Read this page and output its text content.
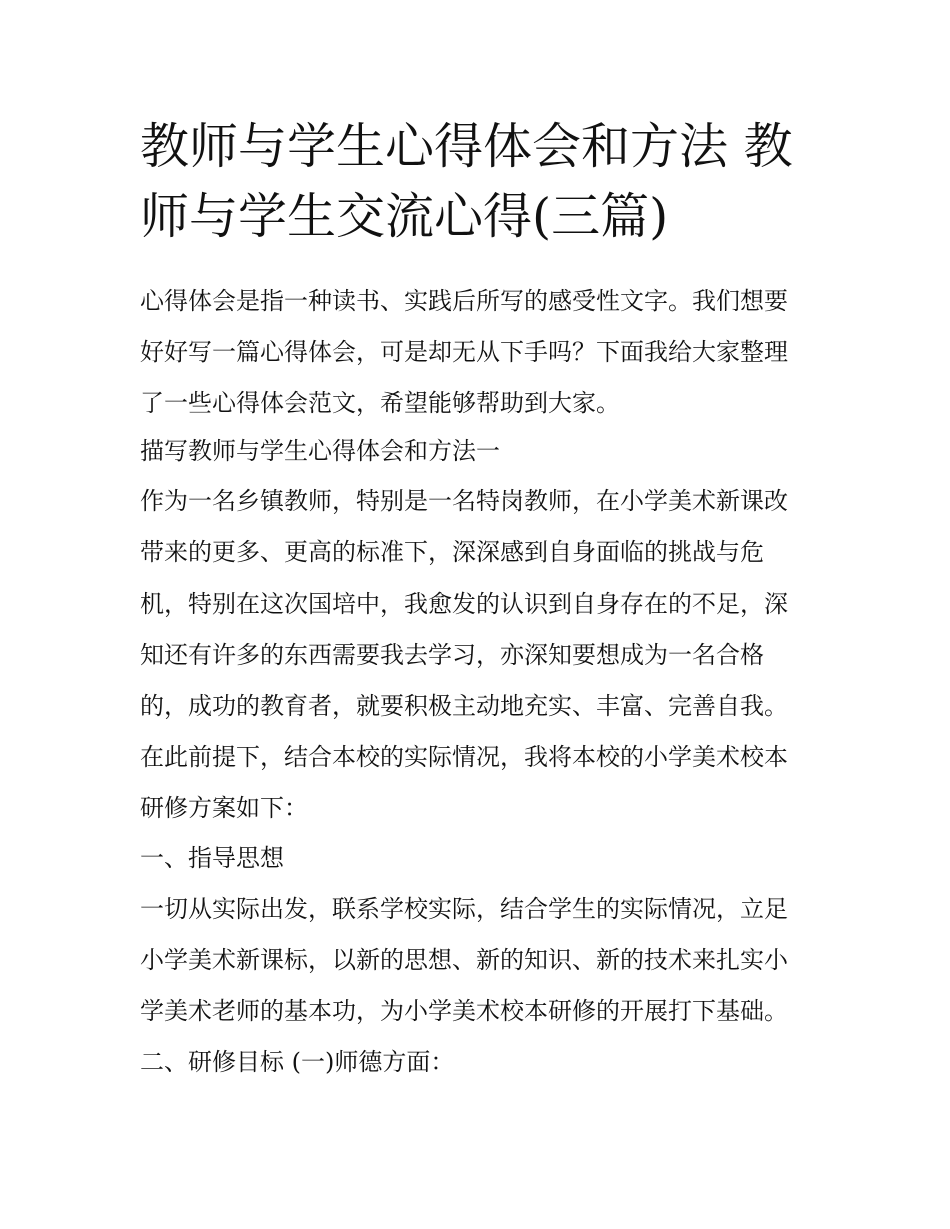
教师与学生心得体会和方法 教
师与学生交流心得(三篇)
心得体会是指一种读书、实践后所写的感受性文字。我们想要
好好写一篇心得体会，可是却无从下手吗？下面我给大家整理
了一些心得体会范文，希望能够帮助到大家。
描写教师与学生心得体会和方法一
作为一名乡镇教师，特别是一名特岗教师，在小学美术新课改
带来的更多、更高的标准下，深深感到自身面临的挑战与危
机，特别在这次国培中，我愈发的认识到自身存在的不足，深
知还有许多的东西需要我去学习，亦深知要想成为一名合格
的，成功的教育者，就要积极主动地充实、丰富、完善自我。
在此前提下，结合本校的实际情况，我将本校的小学美术校本
研修方案如下：
一、指导思想
一切从实际出发，联系学校实际，结合学生的实际情况，立足
小学美术新课标，以新的思想、新的知识、新的技术来扎实小
学美术老师的基本功，为小学美术校本研修的开展打下基础。
二、研修目标 (一)师德方面：
